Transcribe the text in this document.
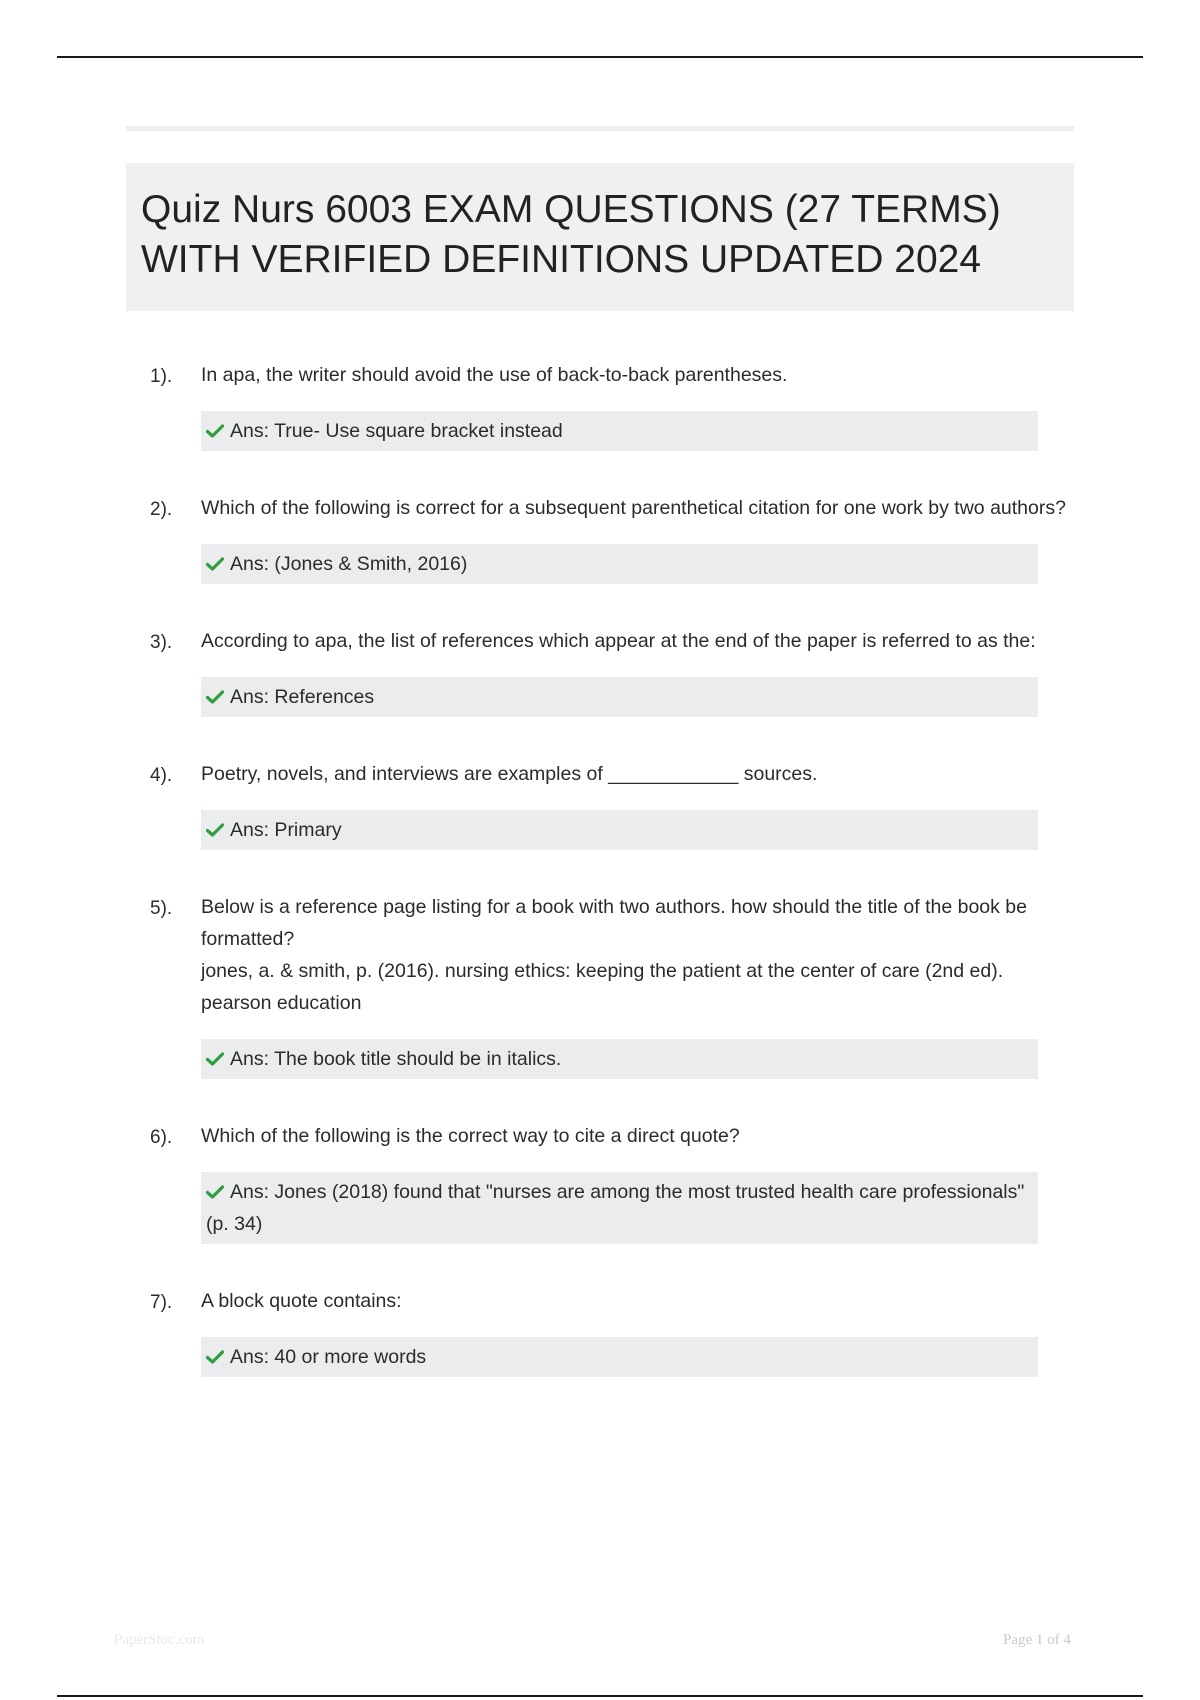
Quiz Nurs 6003 EXAM QUESTIONS (27 TERMS) WITH VERIFIED DEFINITIONS UPDATED 2024
1). In apa, the writer should avoid the use of back-to-back parentheses.
Ans: True- Use square bracket instead
2). Which of the following is correct for a subsequent parenthetical citation for one work by two authors?
Ans: (Jones & Smith, 2016)
3). According to apa, the list of references which appear at the end of the paper is referred to as the:
Ans: References
4). Poetry, novels, and interviews are examples of ____________ sources.
Ans: Primary
5). Below is a reference page listing for a book with two authors. how should the title of the book be formatted?
jones, a. & smith, p. (2016). nursing ethics: keeping the patient at the center of care (2nd ed). pearson education
Ans: The book title should be in italics.
6). Which of the following is the correct way to cite a direct quote?
Ans: Jones (2018) found that "nurses are among the most trusted health care professionals" (p. 34)
7). A block quote contains:
Ans: 40 or more words
PaperStoc.com	Page 1 of 4
